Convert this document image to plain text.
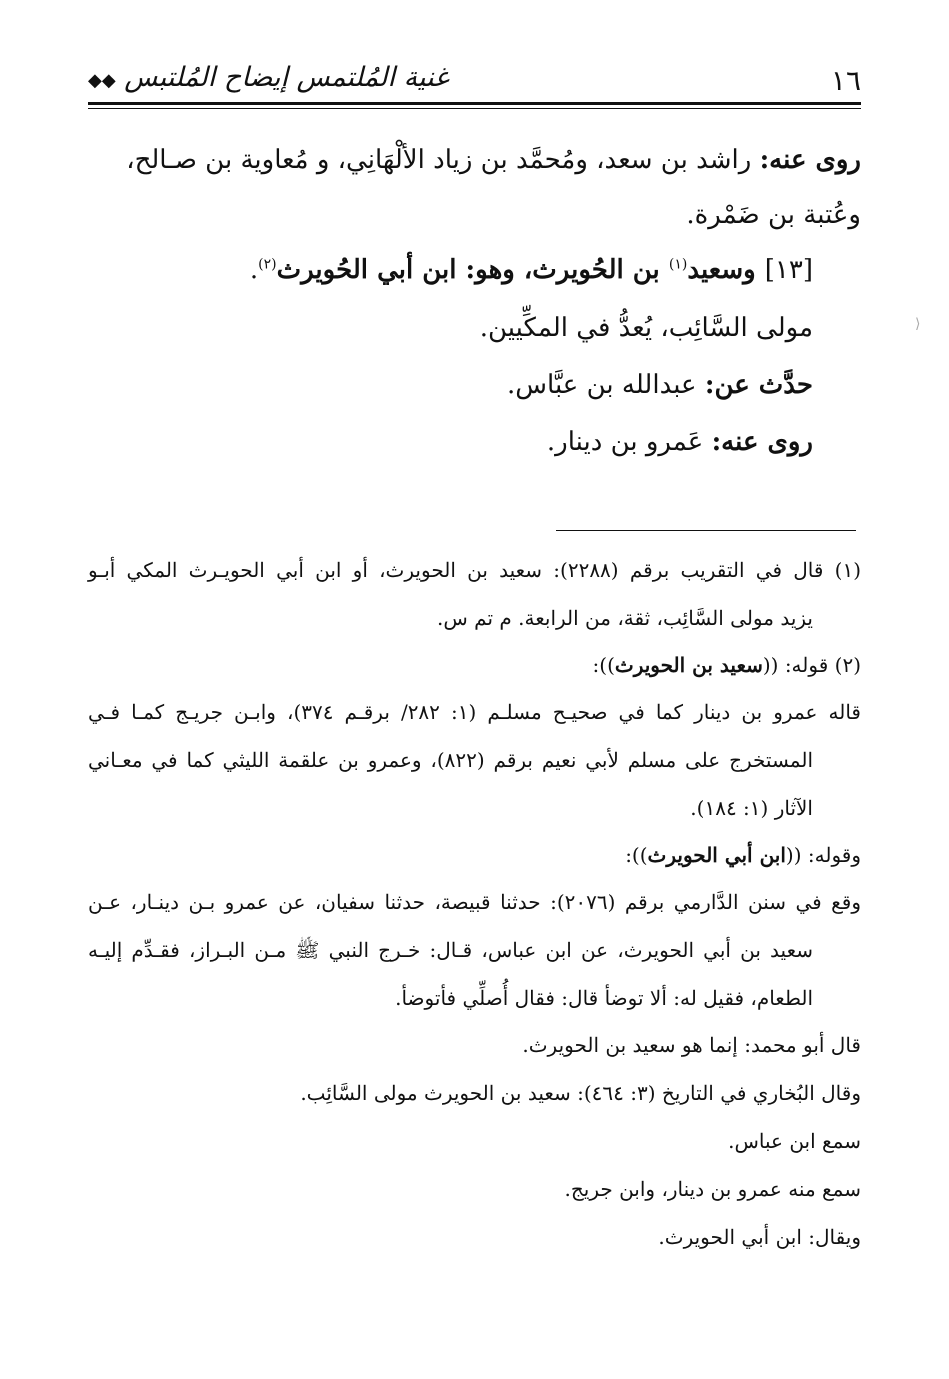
١٦
غنية المُلتمس إيضاح المُلتبس ◆◆
روى عنه: راشد بن سعد، ومُحمَّد بن زياد الألْهَانِي، و مُعاوية بن صـالح،
وعُتبة بن ضَمْرة.
[١٣] وسعيد$^{(١)}$ بن الحُويرث، وهو: ابن أبي الحُويرث$^{(٢)}$.
مولى السَّائِب، يُعدُّ في المكِّيين.
حدَّث عن: عبدالله بن عبَّاس.
روى عنه: عَمرو بن دينار.
⟩
(١) قال في التقريب برقم (٢٢٨٨): سعيد بن الحويرث، أو ابن أبي الحويـرث المكي أبـو
يزيد مولى السَّائِب، ثقة، من الرابعة. م تم س.
(٢) قوله: ((سعيد بن الحويرث)):
قاله عمرو بن دينار كما في صحيـح مسلـم (١: ٢٨٢/ برقـم ٣٧٤)، وابـن جريـج كمـا فـي
المستخرج على مسلم لأبي نعيم برقم (٨٢٢)، وعمرو بن علقمة الليثي كما في معـاني
الآثار (١: ١٨٤).
وقوله: ((ابن أبي الحويرث)):
وقع في سنن الدَّارمي برقم (٢٠٧٦): حدثنا قبيصة، حدثنا سفيان، عن عمرو بـن دينـار، عـن
سعيد بن أبي الحويرث، عن ابن عباس، قـال: خـرج النبي ﷺ مـن البـراز، فقـدِّم إليـه
الطعام، فقيل له: ألا توضأ قال: فقال أُصلِّي فأتوضأ.
قال أبو محمد: إنما هو سعيد بن الحويرث.
وقال البُخاري في التاريخ (٣: ٤٦٤): سعيد بن الحويرث مولى السَّائِب.
سمع ابن عباس.
سمع منه عمرو بن دينار، وابن جريج.
ويقال: ابن أبي الحويرث.
